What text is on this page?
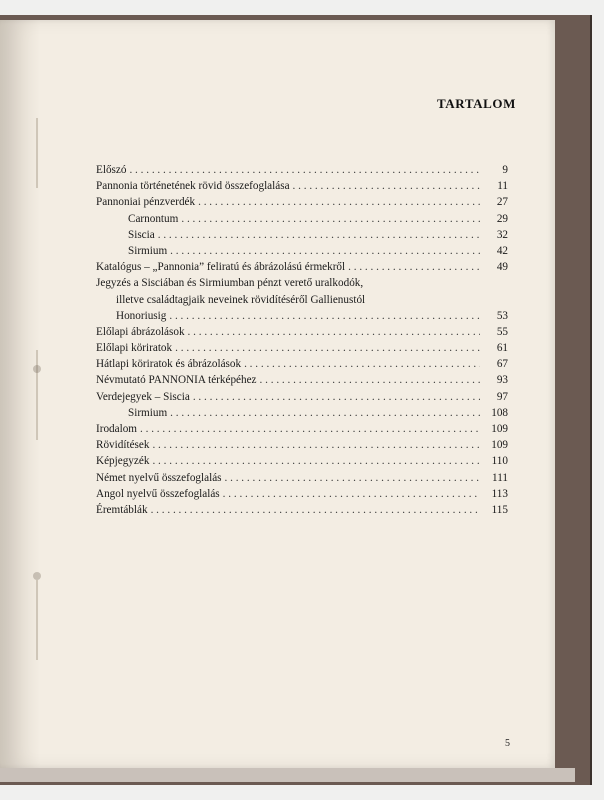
TARTALOM
Előszó . . .	9
Pannonia történetének rövid összefoglalása . . .	11
Pannoniai pénzverdék . . .	27
Carnontum . . .	29
Siscia . . .	32
Sirmium . . .	42
Katalógus – „Pannonia” feliratú és ábrázolású érmekről . . .	49
Jegyzés a Sisciában és Sirmiumban pénzt verető uralkodók,
illetve családtagjaik neveinek rövidítéséről Gallienustól
Honoriusig . . .	53
Előlapi ábrázolások . . .	55
Előlapi köriratok . . .	61
Hátlapi köriratok és ábrázolások . . .	67
Névmutató PANNONIA térképéhez . . .	93
Verdejegyek – Siscia . . .	97
Sirmium . . .	108
Irodalom . . .	109
Rövidítések . . .	109
Képjegyzék . . .	110
Német nyelvű összefoglalás . . .	111
Angol nyelvű összefoglalás . . .	113
Éremtáblák . . .	115
5
